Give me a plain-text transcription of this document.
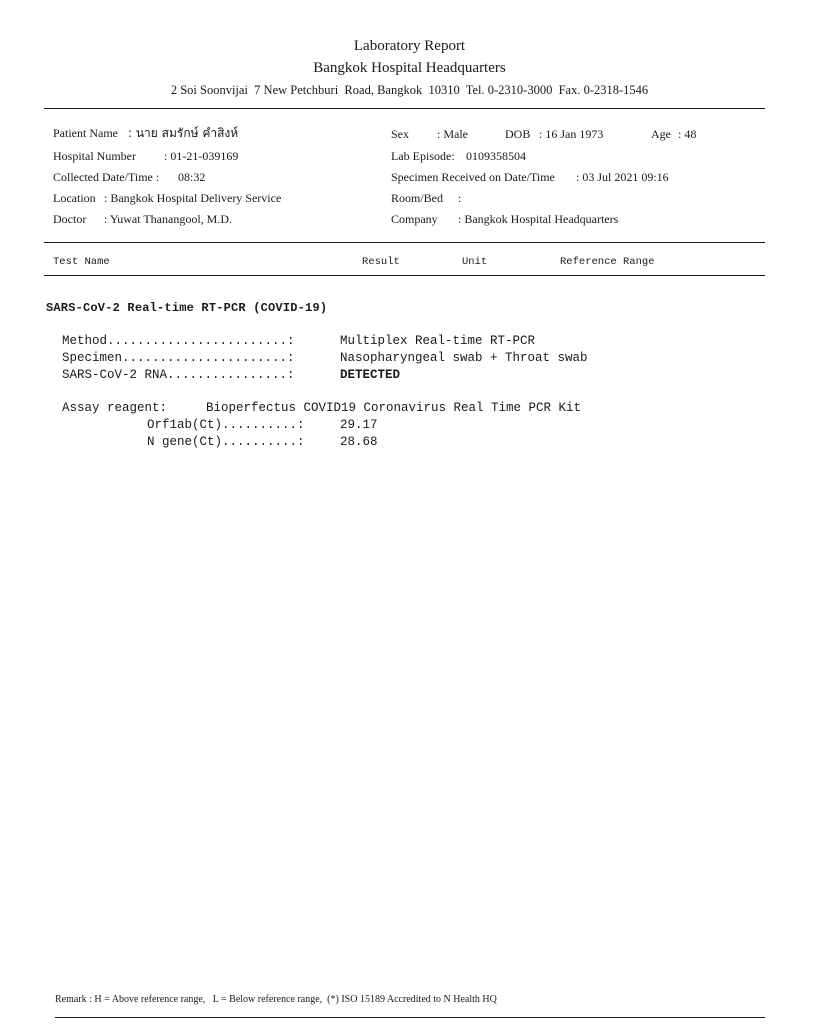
Laboratory Report
Bangkok Hospital Headquarters
2 Soi Soonvijai  7 New Petchburi  Road, Bangkok  10310  Tel. 0-2310-3000  Fax. 0-2318-1546
Patient Name : นาย สมรักษ์ คำสิงห์
Hospital Number : 01-21-039169
Collected Date/Time : 08:32
Location : Bangkok Hospital Delivery Service
Doctor : Yuwat Thanangool, M.D.
Sex : Male	DOB : 16 Jan 1973	Age : 48
Lab Episode: 0109358504
Specimen Received on Date/Time : 03 Jul 2021 09:16
Room/Bed :
Company : Bangkok Hospital Headquarters
Test Name	Result	Unit	Reference Range
SARS-CoV-2 Real-time RT-PCR (COVID-19)
Method........................:	Multiplex Real-time RT-PCR
Specimen......................:	Nasopharyngeal swab + Throat swab
SARS-CoV-2 RNA................:	DETECTED
Assay reagent:	Bioperfectus COVID19 Coronavirus Real Time PCR Kit
Orf1ab(Ct)..........:	29.17
N gene(Ct)..........:	28.68
Remark : H = Above reference range,   L = Below reference range,  (*) ISO 15189 Accredited to N Health HQ
